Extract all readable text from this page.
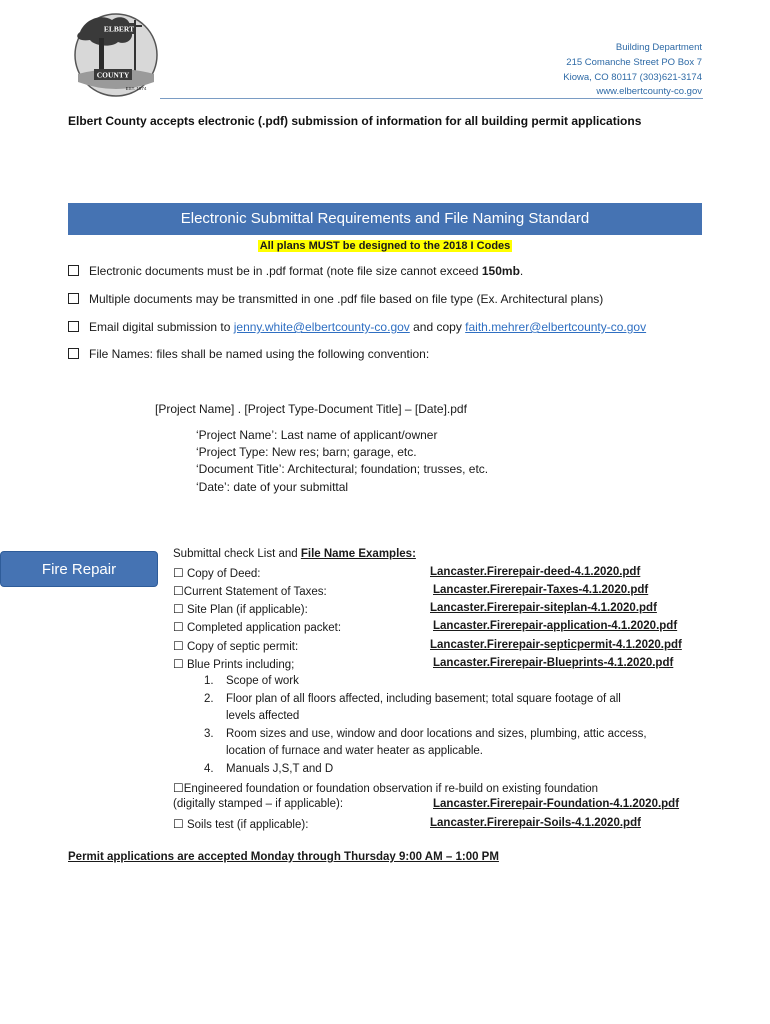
ELBERT
COUNTY
EST. 1874
Building Department
215 Comanche Street PO Box 7
Kiowa, CO 80117 (303)621-3174
www.elbertcounty-co.gov
Elbert County accepts electronic (.pdf) submission of information for all building permit applications
Electronic Submittal Requirements and File Naming Standard
All plans MUST be designed to the 2018 I Codes
Electronic documents must be in .pdf format (note file size cannot exceed 150mb.
Multiple documents may be transmitted in one .pdf file based on file type (Ex. Architectural plans)
Email digital submission to jenny.white@elbertcounty-co.gov and copy faith.mehrer@elbertcounty-co.gov
File Names: files shall be named using the following convention:
[Project Name] . [Project Type-Document Title] – [Date].pdf
‘Project Name’: Last name of applicant/owner
‘Project Type: New res; barn; garage, etc.
‘Document Title’: Architectural; foundation; trusses, etc.
‘Date’: date of your submittal
Fire Repair
Submittal check List and File Name Examples:
☐ Copy of Deed:	Lancaster.Firerepair-deed-4.1.2020.pdf
☐Current Statement of Taxes:	Lancaster.Firerepair-Taxes-4.1.2020.pdf
☐ Site Plan (if applicable):	Lancaster.Firerepair-siteplan-4.1.2020.pdf
☐ Completed application packet:	Lancaster.Firerepair-application-4.1.2020.pdf
☐ Copy of septic permit:	Lancaster.Firerepair-septicpermit-4.1.2020.pdf
☐ Blue Prints including;	Lancaster.Firerepair-Blueprints-4.1.2020.pdf
1. Scope of work
2. Floor plan of all floors affected, including basement; total square footage of all
levels affected
3. Room sizes and use, window and door locations and sizes, plumbing, attic access,
location of furnace and water heater as applicable.
4. Manuals J,S,T and D
☐Engineered foundation or foundation observation if re-build on existing foundation
(digitally stamped – if applicable):	Lancaster.Firerepair-Foundation-4.1.2020.pdf
☐ Soils test (if applicable):	Lancaster.Firerepair-Soils-4.1.2020.pdf
Permit applications are accepted Monday through Thursday 9:00 AM – 1:00 PM
